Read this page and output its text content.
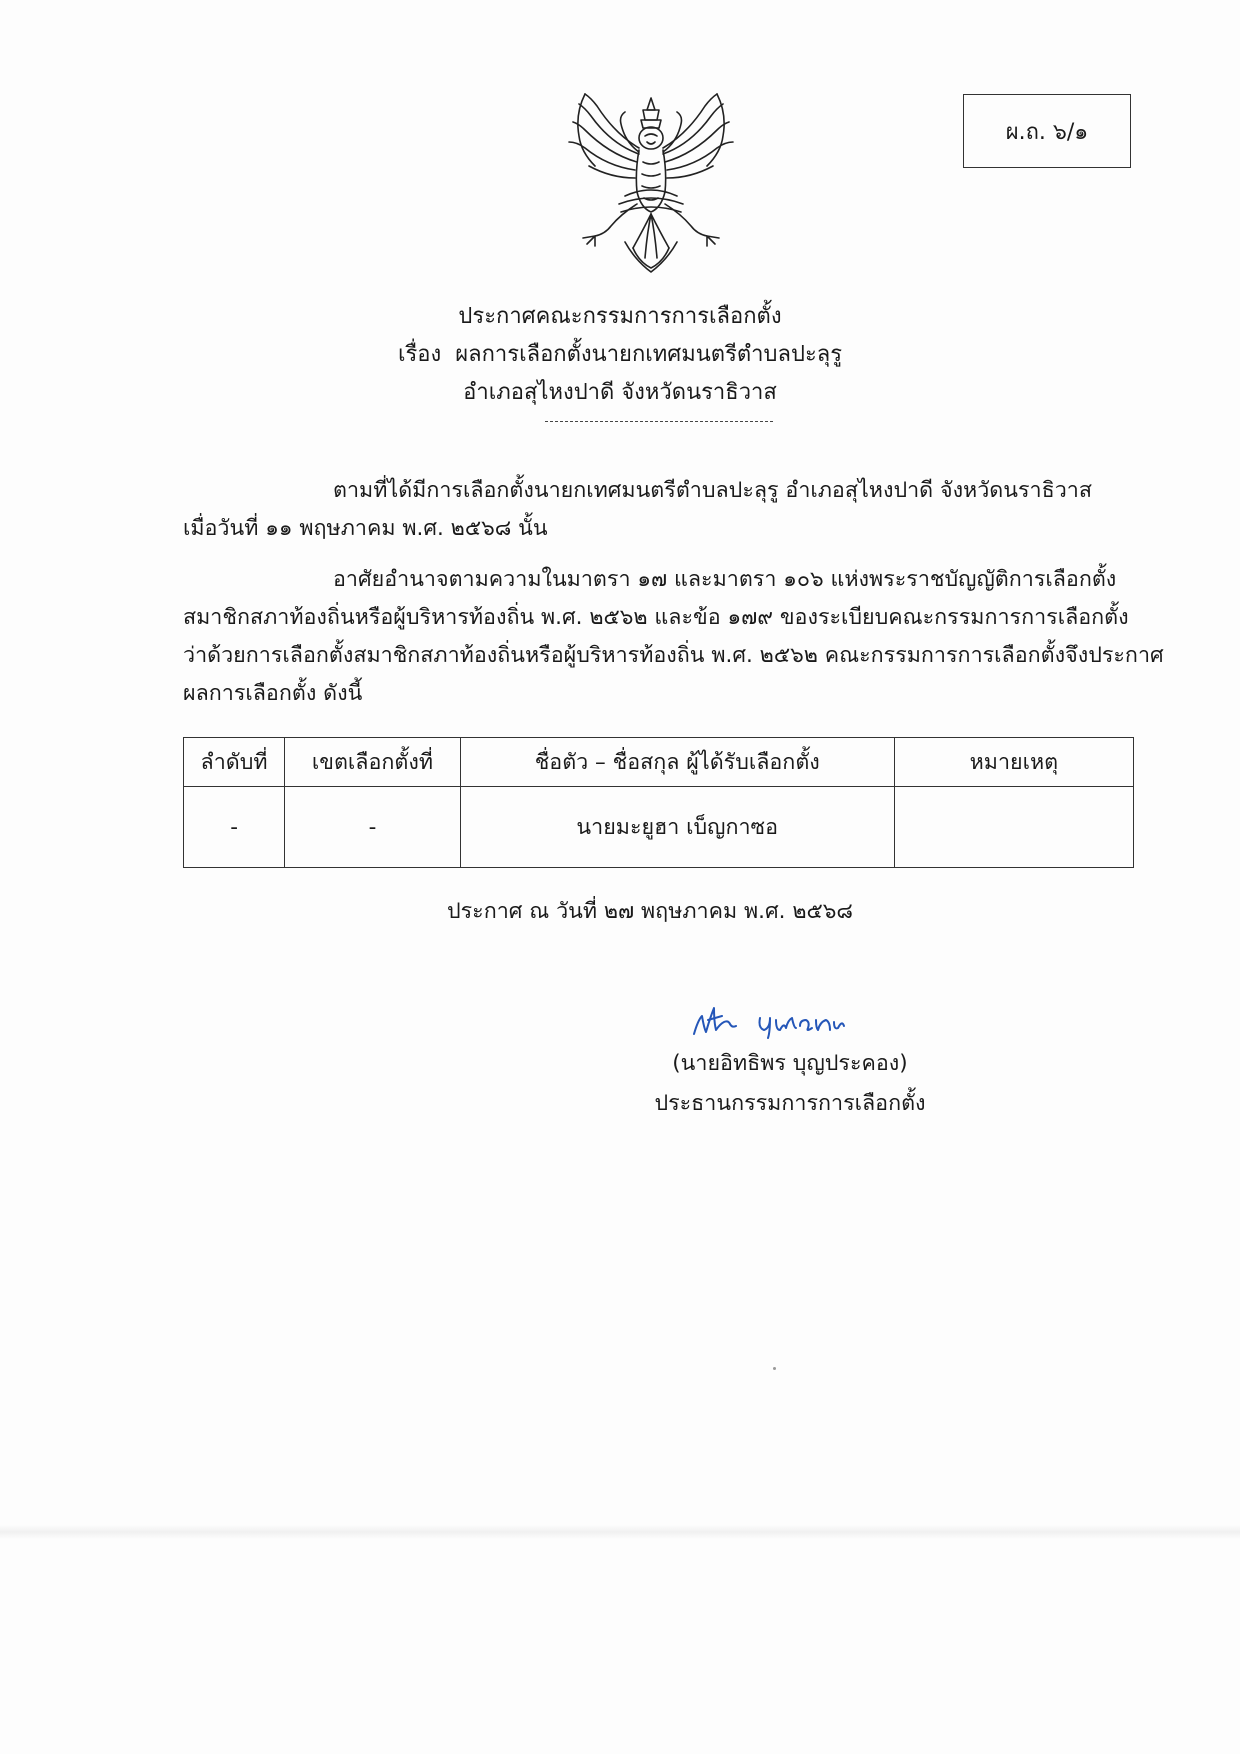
ผ.ถ. ๖/๑
ประกาศคณะกรรมการการเลือกตั้ง
เรื่อง ผลการเลือกตั้งนายกเทศมนตรีตำบลปะลุรู
อำเภอสุไหงปาดี จังหวัดนราธิวาส
ตามที่ได้มีการเลือกตั้งนายกเทศมนตรีตำบลปะลุรู อำเภอสุไหงปาดี จังหวัดนราธิวาส
เมื่อวันที่ ๑๑ พฤษภาคม พ.ศ. ๒๕๖๘ นั้น
อาศัยอำนาจตามความในมาตรา ๑๗ และมาตรา ๑๐๖ แห่งพระราชบัญญัติการเลือกตั้ง
สมาชิกสภาท้องถิ่นหรือผู้บริหารท้องถิ่น พ.ศ. ๒๕๖๒ และข้อ ๑๗๙ ของระเบียบคณะกรรมการการเลือกตั้ง
ว่าด้วยการเลือกตั้งสมาชิกสภาท้องถิ่นหรือผู้บริหารท้องถิ่น พ.ศ. ๒๕๖๒ คณะกรรมการการเลือกตั้งจึงประกาศ
ผลการเลือกตั้ง ดังนี้
ลำดับที่	เขตเลือกตั้งที่	ชื่อตัว – ชื่อสกุล ผู้ได้รับเลือกตั้ง	หมายเหตุ
-	-	นายมะยูฮา เบ็ญกาซอ	
ประกาศ ณ วันที่ ๒๗ พฤษภาคม พ.ศ. ๒๕๖๘
(นายอิทธิพร บุญประคอง)
ประธานกรรมการการเลือกตั้ง
